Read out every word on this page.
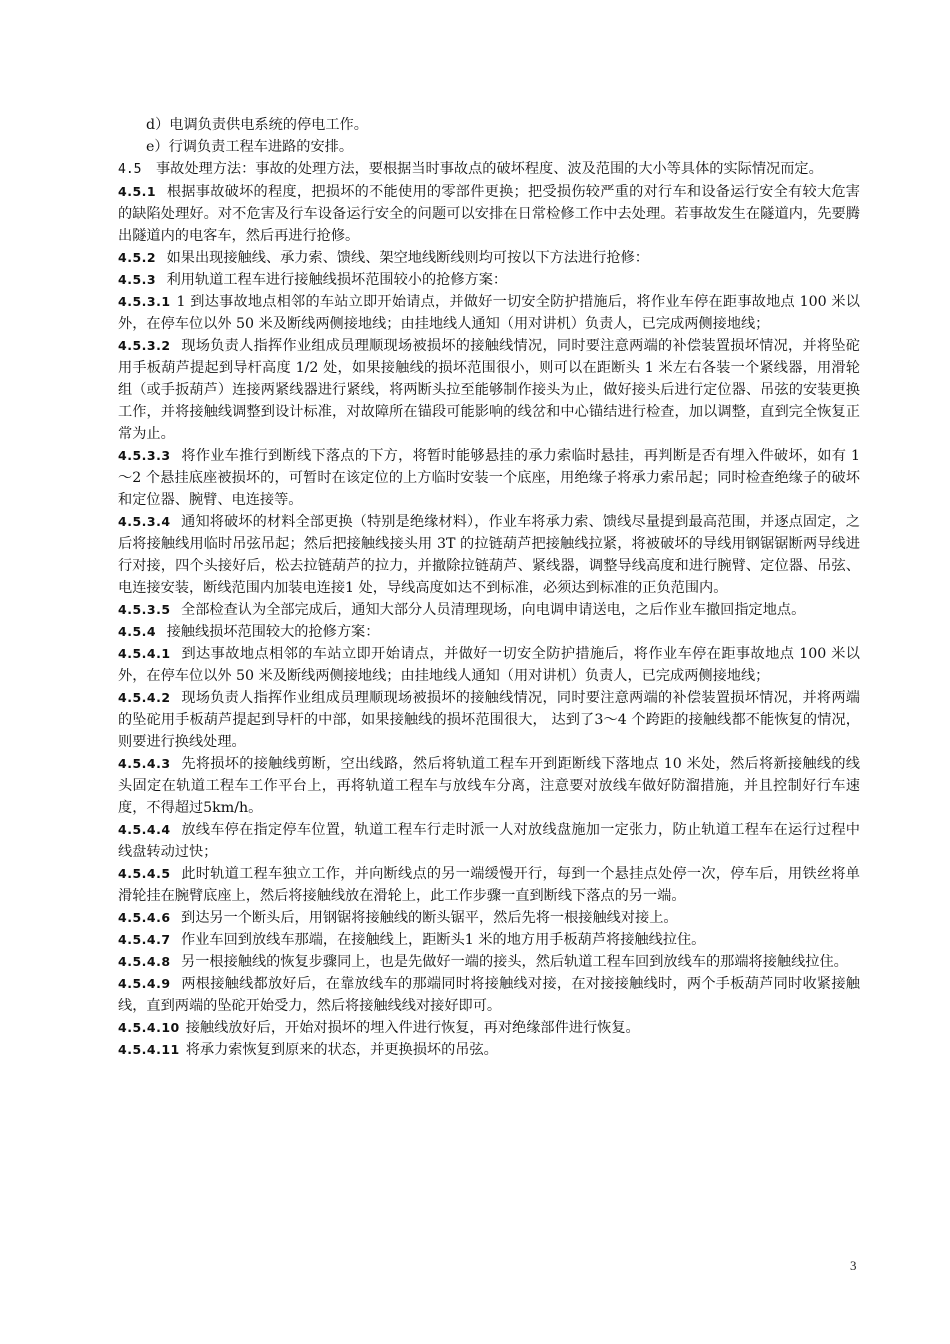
d）电调负责供电系统的停电工作。

e）行调负责工程车进路的安排。

4.5 事故处理方法：事故的处理方法，要根据当时事故点的破坏程度、波及范围的大小等具体的实际情况而定。

4.5.1 根据事故破坏的程度，把损坏的不能使用的零部件更换；把受损伤较严重的对行车和设备运行安全有较大危害的缺陷处理好。对不危害及行车设备运行安全的问题可以安排在日常检修工作中去处理。若事故发生在隧道内，先要腾出隧道内的电客车，然后再进行抢修。

4.5.2 如果出现接触线、承力索、馈线、架空地线断线则均可按以下方法进行抢修：

4.5.3 利用轨道工程车进行接触线损坏范围较小的抢修方案：

4.5.3.1 1 到达事故地点相邻的车站立即开始请点，并做好一切安全防护措施后，将作业车停在距事故地点 100 米以外，在停车位以外 50 米及断线两侧接地线；由挂地线人通知（用对讲机）负责人，已完成两侧接地线；

4.5.3.2 现场负责人指挥作业组成员理顺现场被损坏的接触线情况，同时要注意两端的补偿装置损坏情况，并将坠砣用手板葫芦提起到导杆高度 1/2 处，如果接触线的损坏范围很小，则可以在距断头 1 米左右各装一个紧线器，用滑轮组（或手扳葫芦）连接两紧线器进行紧线，将两断头拉至能够制作接头为止，做好接头后进行定位器、吊弦的安装更换工作，并将接触线调整到设计标准，对故障所在锚段可能影响的线岔和中心锚结进行检查，加以调整，直到完全恢复正常为止。

4.5.3.3 将作业车推行到断线下落点的下方，将暂时能够悬挂的承力索临时悬挂，再判断是否有埋入件破坏，如有 1～2 个悬挂底座被损坏的，可暂时在该定位的上方临时安装一个底座，用绝缘子将承力索吊起；同时检查绝缘子的破坏和定位器、腕臂、电连接等。

4.5.3.4 通知将破坏的材料全部更换（特别是绝缘材料），作业车将承力索、馈线尽量提到最高范围，并逐点固定，之后将接触线用临时吊弦吊起；然后把接触线接头用 3T 的拉链葫芦把接触线拉紧，将被破坏的导线用钢锯锯断两导线进行对接，四个头接好后，松去拉链葫芦的拉力，并撤除拉链葫芦、紧线器，调整导线高度和进行腕臂、定位器、吊弦、电连接安装，断线范围内加装电连接1 处，导线高度如达不到标准，必须达到标准的正负范围内。

4.5.3.5 全部检查认为全部完成后，通知大部分人员清理现场，向电调申请送电，之后作业车撤回指定地点。

4.5.4 接触线损坏范围较大的抢修方案：

4.5.4.1 到达事故地点相邻的车站立即开始请点，并做好一切安全防护措施后，将作业车停在距事故地点 100 米以外，在停车位以外 50 米及断线两侧接地线；由挂地线人通知（用对讲机）负责人，已完成两侧接地线；

4.5.4.2 现场负责人指挥作业组成员理顺现场被损坏的接触线情况，同时要注意两端的补偿装置损坏情况，并将两端的坠砣用手板葫芦提起到导杆的中部，如果接触线的损坏范围很大， 达到了3～4 个跨距的接触线都不能恢复的情况，则要进行换线处理。

4.5.4.3 先将损坏的接触线剪断，空出线路，然后将轨道工程车开到距断线下落地点 10 米处，然后将新接触线的线头固定在轨道工程车工作平台上，再将轨道工程车与放线车分离，注意要对放线车做好防溜措施，并且控制好行车速度，不得超过5km/h。

4.5.4.4 放线车停在指定停车位置，轨道工程车行走时派一人对放线盘施加一定张力，防止轨道工程车在运行过程中线盘转动过快；

4.5.4.5 此时轨道工程车独立工作，并向断线点的另一端缓慢开行，每到一个悬挂点处停一次，停车后，用铁丝将单滑轮挂在腕臂底座上，然后将接触线放在滑轮上，此工作步骤一直到断线下落点的另一端。

4.5.4.6 到达另一个断头后，用钢锯将接触线的断头锯平，然后先将一根接触线对接上。

4.5.4.7 作业车回到放线车那端，在接触线上，距断头1 米的地方用手板葫芦将接触线拉住。

4.5.4.8 另一根接触线的恢复步骤同上，也是先做好一端的接头，然后轨道工程车回到放线车的那端将接触线拉住。

4.5.4.9 两根接触线都放好后，在靠放线车的那端同时将接触线对接，在对接接触线时，两个手板葫芦同时收紧接触线，直到两端的坠砣开始受力，然后将接触线线对接好即可。

4.5.4.10 接触线放好后，开始对损坏的埋入件进行恢复，再对绝缘部件进行恢复。

4.5.4.11 将承力索恢复到原来的状态，并更换损坏的吊弦。

3
